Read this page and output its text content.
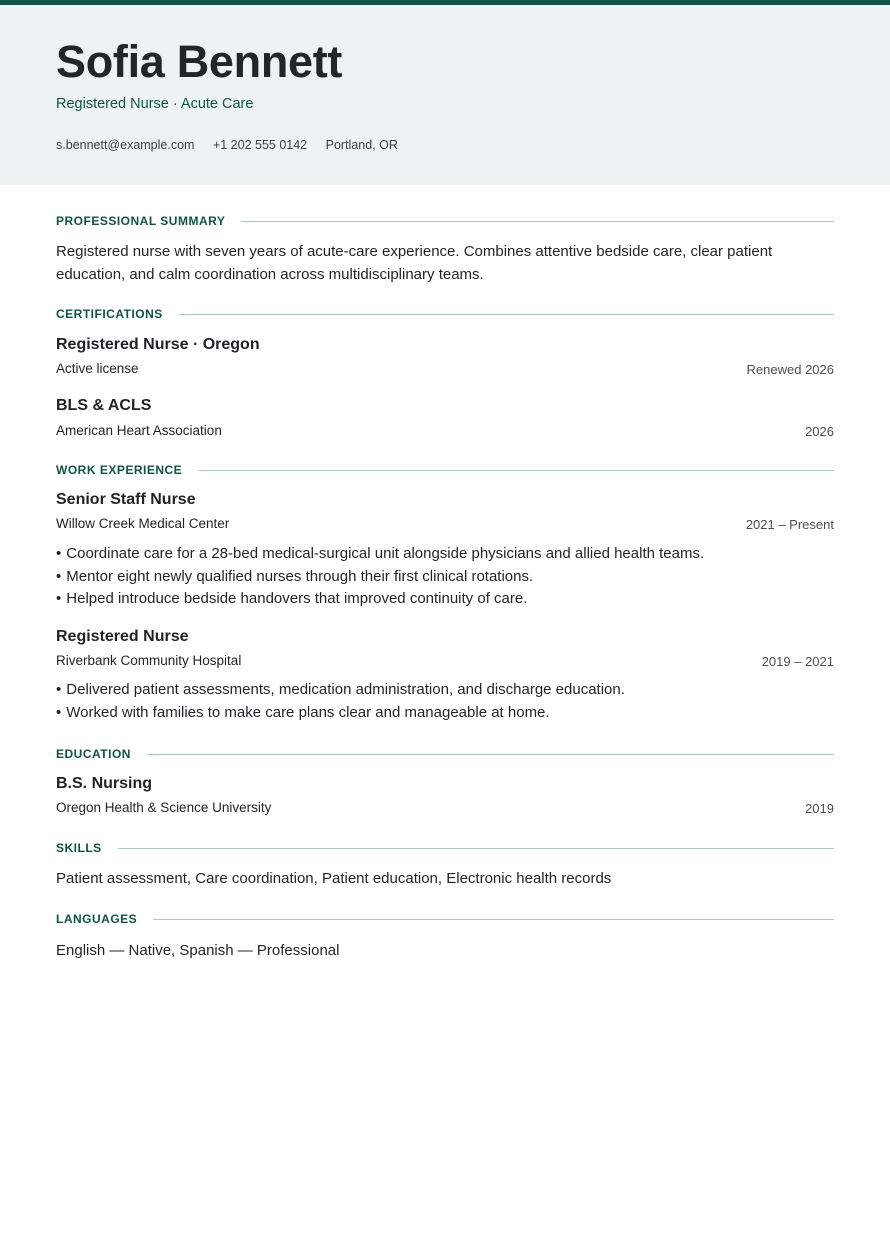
Sofia Bennett
Registered Nurse · Acute Care
s.bennett@example.com +1 202 555 0142 Portland, OR
PROFESSIONAL SUMMARY
Registered nurse with seven years of acute-care experience. Combines attentive bedside care, clear patient education, and calm coordination across multidisciplinary teams.
CERTIFICATIONS
Registered Nurse · Oregon
Active license	Renewed 2026
BLS & ACLS
American Heart Association	2026
WORK EXPERIENCE
Senior Staff Nurse
Willow Creek Medical Center	2021 – Present
• Coordinate care for a 28-bed medical-surgical unit alongside physicians and allied health teams.
• Mentor eight newly qualified nurses through their first clinical rotations.
• Helped introduce bedside handovers that improved continuity of care.
Registered Nurse
Riverbank Community Hospital	2019 – 2021
• Delivered patient assessments, medication administration, and discharge education.
• Worked with families to make care plans clear and manageable at home.
EDUCATION
B.S. Nursing
Oregon Health & Science University	2019
SKILLS
Patient assessment, Care coordination, Patient education, Electronic health records
LANGUAGES
English — Native, Spanish — Professional
